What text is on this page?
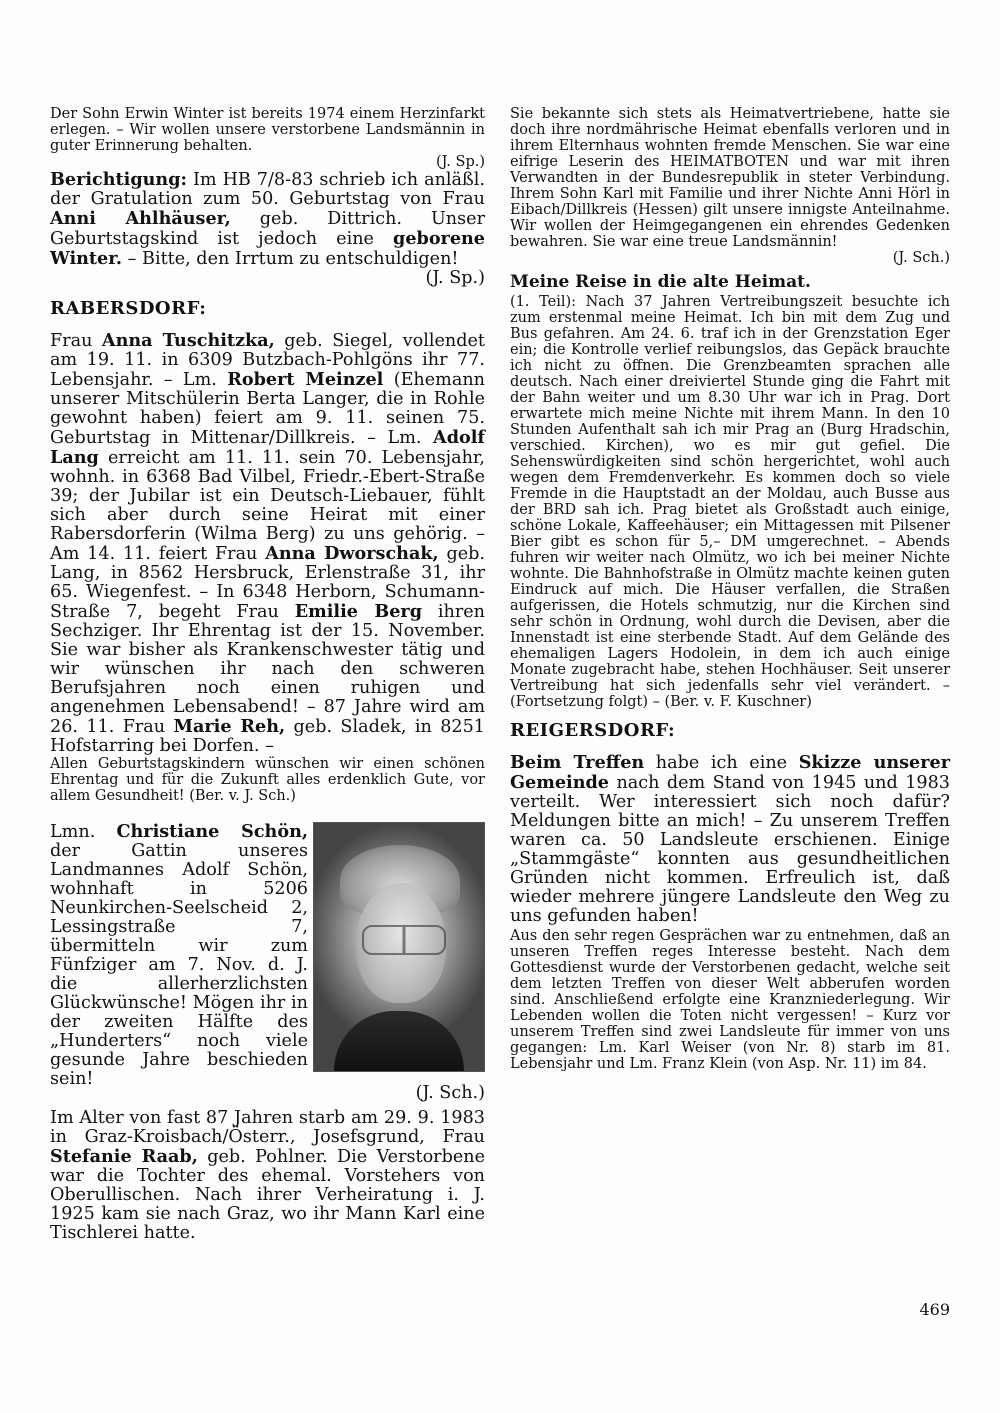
Der Sohn Erwin Winter ist bereits 1974 einem Herzinfarkt erlegen. – Wir wollen unsere verstorbene Landsmännin in guter Erinnerung behalten.
(J. Sp.)

Berichtigung: Im HB 7/8-83 schrieb ich anläßl. der Gratulation zum 50. Geburtstag von Frau Anni Ahlhäuser, geb. Dittrich. Unser Geburtstagskind ist jedoch eine geborene Winter. – Bitte, den Irrtum zu entschuldigen!
(J. Sp.)

RABERSDORF:

Frau Anna Tuschitzka, geb. Siegel, vollendet am 19. 11. in 6309 Butzbach-Pohlgöns ihr 77. Lebensjahr. – Lm. Robert Meinzel (Ehemann unserer Mitschülerin Berta Langer, die in Rohle gewohnt haben) feiert am 9. 11. seinen 75. Geburtstag in Mittenar/Dillkreis. – Lm. Adolf Lang erreicht am 11. 11. sein 70. Lebensjahr, wohnh. in 6368 Bad Vilbel, Friedr.-Ebert-Straße 39; der Jubilar ist ein Deutsch-Liebauer, fühlt sich aber durch seine Heirat mit einer Rabersdorferin (Wilma Berg) zu uns gehörig. – Am 14. 11. feiert Frau Anna Dworschak, geb. Lang, in 8562 Hersbruck, Erlenstraße 31, ihr 65. Wiegenfest. – In 6348 Herborn, Schumann-Straße 7, begeht Frau Emilie Berg ihren Sechziger. Ihr Ehrentag ist der 15. November. Sie war bisher als Krankenschwester tätig und wir wünschen ihr nach den schweren Berufsjahren noch einen ruhigen und angenehmen Lebensabend! – 87 Jahre wird am 26. 11. Frau Marie Reh, geb. Sladek, in 8251 Hofstarring bei Dorfen. –

Allen Geburtstagskindern wünschen wir einen schönen Ehrentag und für die Zukunft alles erdenklich Gute, vor allem Gesundheit! (Ber. v. J. Sch.)

Lmn. Christiane Schön, der Gattin unseres Landmannes Adolf Schön, wohnhaft in 5206 Neunkirchen-Seelscheid 2, Lessingstraße 7, übermitteln wir zum Fünfziger am 7. Nov. d. J. die allerherzlichsten Glückwünsche! Mögen ihr in der zweiten Hälfte des „Hunderters“ noch viele gesunde Jahre beschieden sein!

(J. Sch.)

Im Alter von fast 87 Jahren starb am 29. 9. 1983 in Graz-Kroisbach/Österr., Josefsgrund, Frau Stefanie Raab, geb. Pohlner. Die Verstorbene war die Tochter des ehemal. Vorstehers von Oberullischen. Nach ihrer Verheiratung i. J. 1925 kam sie nach Graz, wo ihr Mann Karl eine Tischlerei hatte.

Sie bekannte sich stets als Heimatvertriebene, hatte sie doch ihre nordmährische Heimat ebenfalls verloren und in ihrem Elternhaus wohnten fremde Menschen. Sie war eine eifrige Leserin des HEIMATBOTEN und war mit ihren Verwandten in der Bundesrepublik in steter Verbindung. Ihrem Sohn Karl mit Familie und ihrer Nichte Anni Hörl in Eibach/Dillkreis (Hessen) gilt unsere innigste Anteilnahme. Wir wollen der Heimgegangenen ein ehrendes Gedenken bewahren. Sie war eine treue Landsmännin!
(J. Sch.)

Meine Reise in die alte Heimat.

(1. Teil): Nach 37 Jahren Vertreibungszeit besuchte ich zum erstenmal meine Heimat. Ich bin mit dem Zug und Bus gefahren. Am 24. 6. traf ich in der Grenzstation Eger ein; die Kontrolle verlief reibungslos, das Gepäck brauchte ich nicht zu öffnen. Die Grenzbeamten sprachen alle deutsch. Nach einer dreiviertel Stunde ging die Fahrt mit der Bahn weiter und um 8.30 Uhr war ich in Prag. Dort erwartete mich meine Nichte mit ihrem Mann. In den 10 Stunden Aufenthalt sah ich mir Prag an (Burg Hradschin, verschied. Kirchen), wo es mir gut gefiel. Die Sehenswürdigkeiten sind schön hergerichtet, wohl auch wegen dem Fremdenverkehr. Es kommen doch so viele Fremde in die Hauptstadt an der Moldau, auch Busse aus der BRD sah ich. Prag bietet als Großstadt auch einige, schöne Lokale, Kaffeehäuser; ein Mittagessen mit Pilsener Bier gibt es schon für 5,– DM umgerechnet. – Abends fuhren wir weiter nach Olmütz, wo ich bei meiner Nichte wohnte. Die Bahnhofstraße in Olmütz machte keinen guten Eindruck auf mich. Die Häuser verfallen, die Straßen aufgerissen, die Hotels schmutzig, nur die Kirchen sind sehr schön in Ordnung, wohl durch die Devisen, aber die Innenstadt ist eine sterbende Stadt. Auf dem Gelände des ehemaligen Lagers Hodolein, in dem ich auch einige Monate zugebracht habe, stehen Hochhäuser. Seit unserer Vertreibung hat sich jedenfalls sehr viel verändert. – (Fortsetzung folgt) – (Ber. v. F. Kuschner)

REIGERSDORF:

Beim Treffen habe ich eine Skizze unserer Gemeinde nach dem Stand von 1945 und 1983 verteilt. Wer interessiert sich noch dafür? Meldungen bitte an mich! – Zu unserem Treffen waren ca. 50 Landsleute erschienen. Einige „Stammgäste“ konnten aus gesundheitlichen Gründen nicht kommen. Erfreulich ist, daß wieder mehrere jüngere Landsleute den Weg zu uns gefunden haben!

Aus den sehr regen Gesprächen war zu entnehmen, daß an unseren Treffen reges Interesse besteht. Nach dem Gottesdienst wurde der Verstorbenen gedacht, welche seit dem letzten Treffen von dieser Welt abberufen worden sind. Anschließend erfolgte eine Kranzniederlegung. Wir Lebenden wollen die Toten nicht vergessen! – Kurz vor unserem Treffen sind zwei Landsleute für immer von uns gegangen: Lm. Karl Weiser (von Nr. 8) starb im 81. Lebensjahr und Lm. Franz Klein (von Asp. Nr. 11) im 84.

469
